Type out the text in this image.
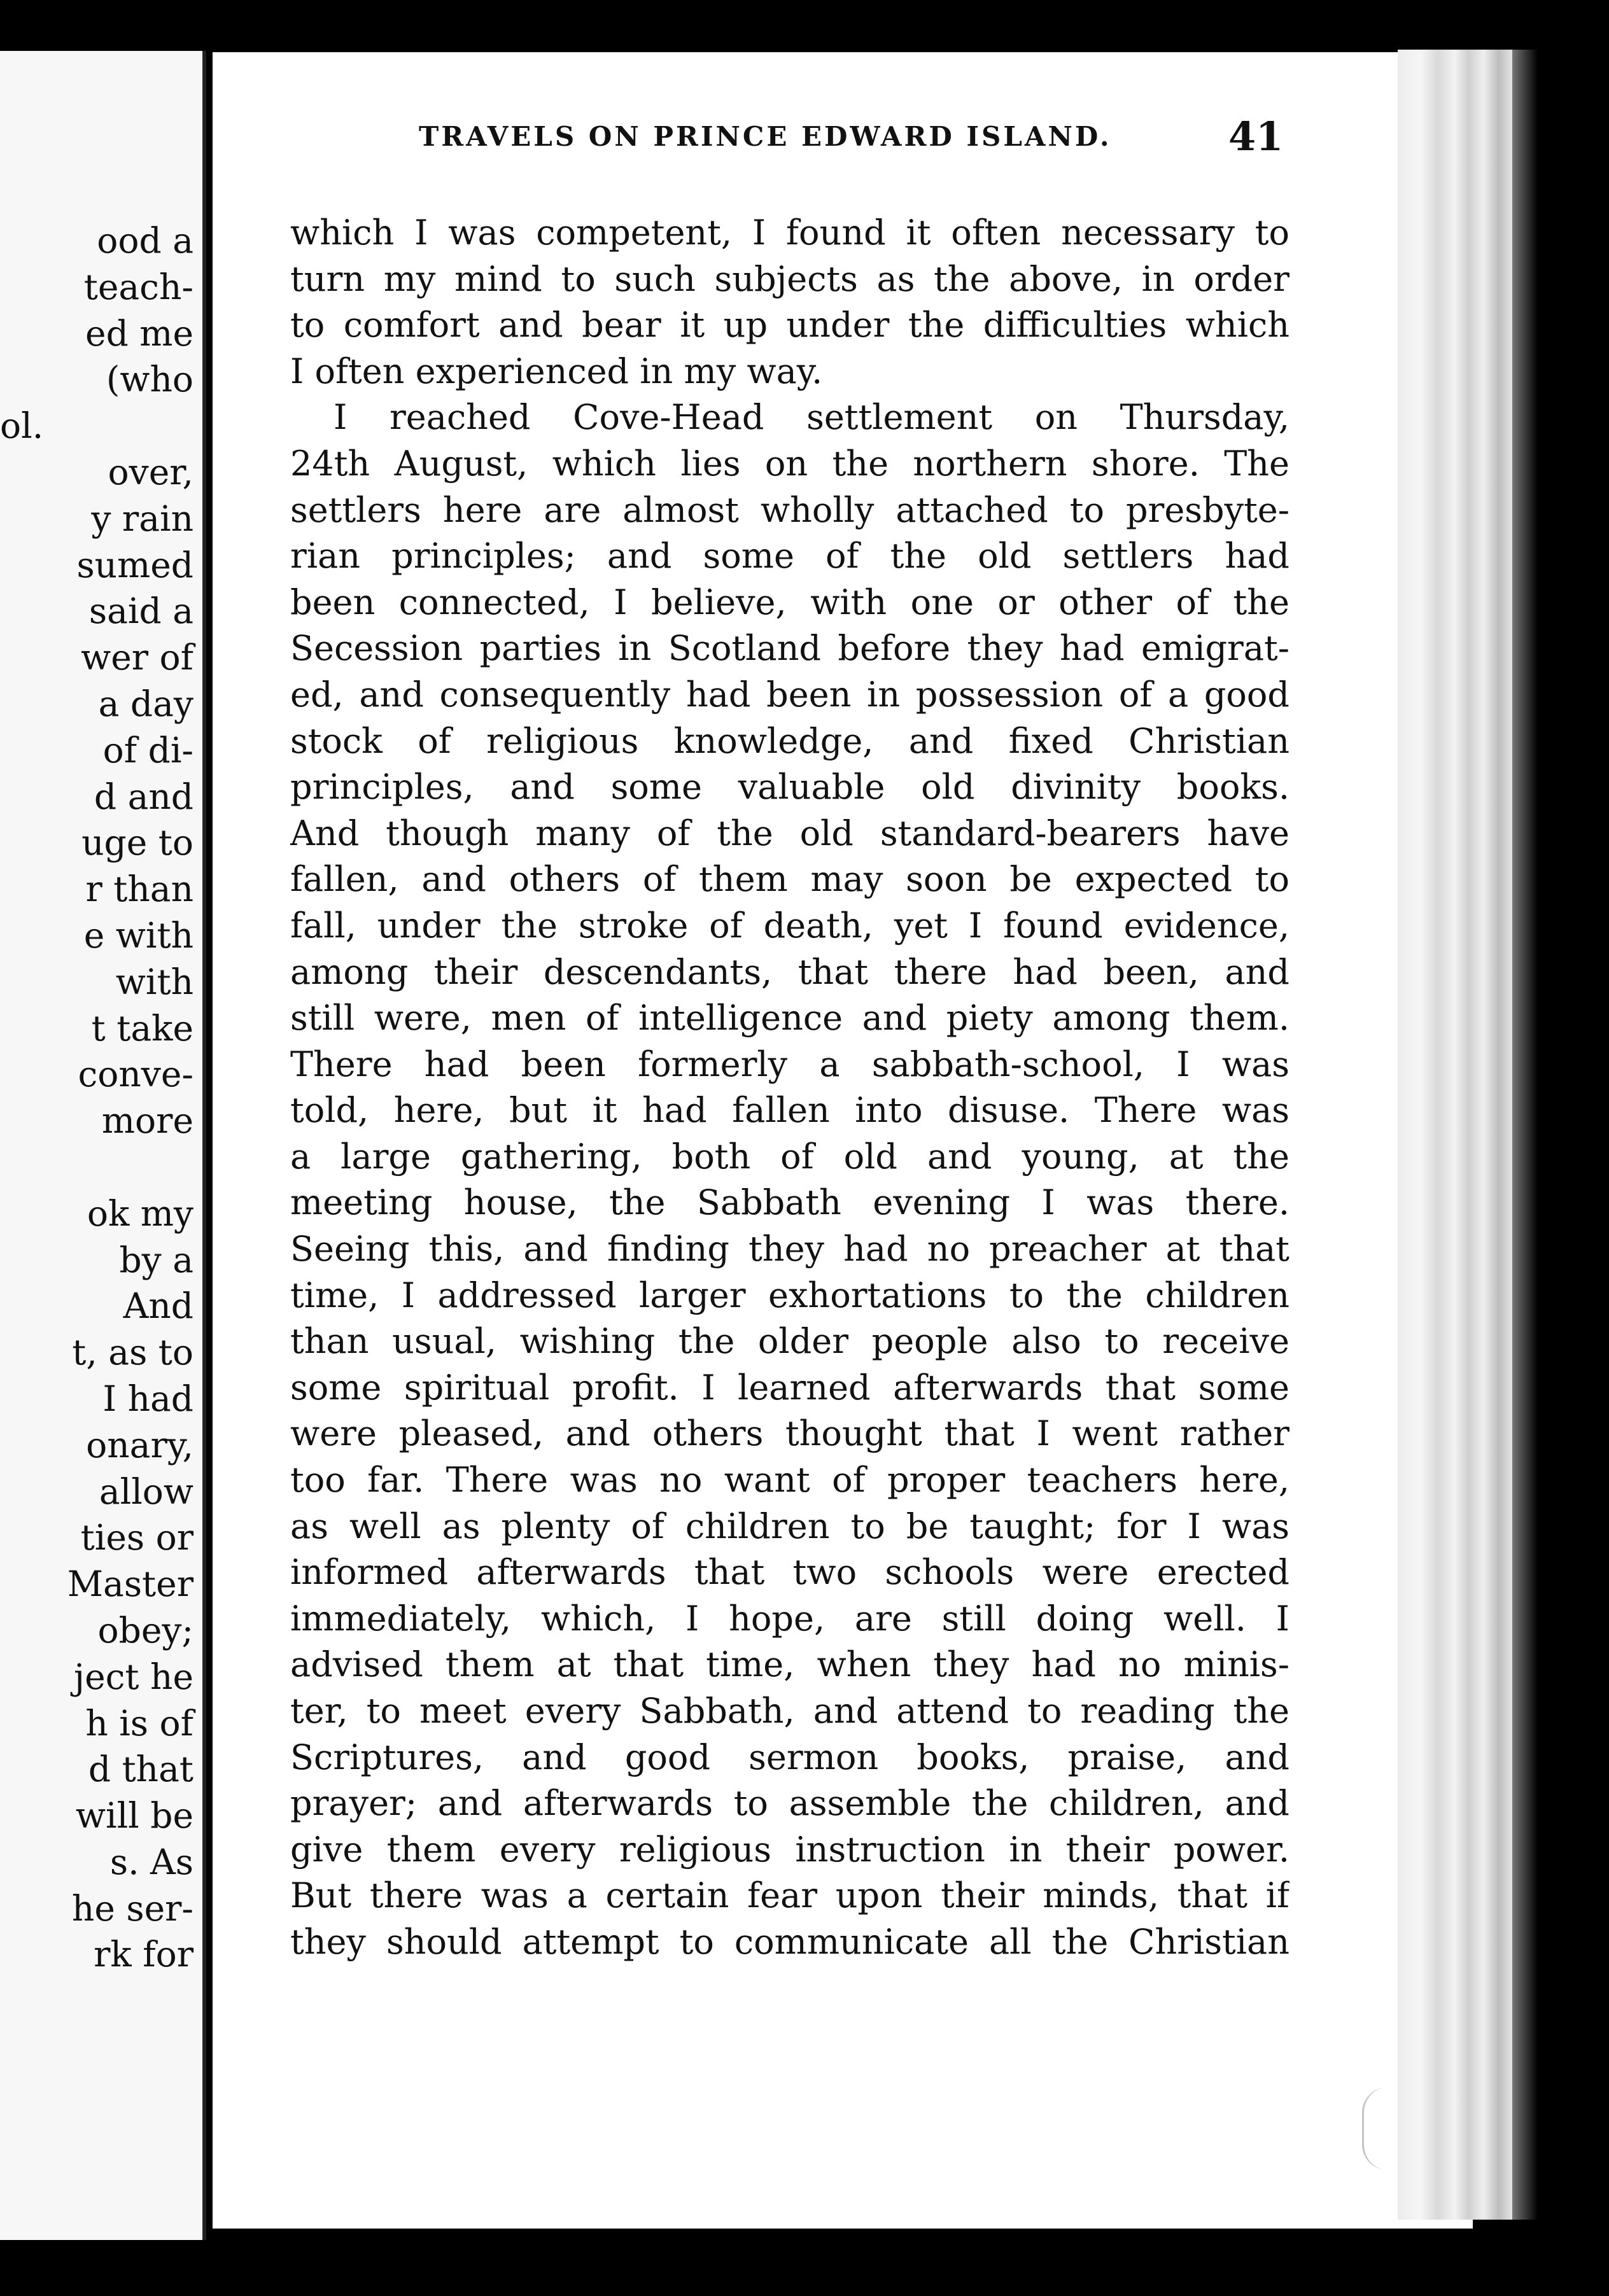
ood a
teach-
ed me
(who
ol.
over,
y rain
sumed
said a
wer of
a day
of di-
d and
uge to
r than
e with
with
t take
conve-
more
ok my
by a
And
t, as to
I had
onary,
allow
ties or
Master
obey;
ject he
h is of
d that
will be
s. As
he ser-
rk for
TRAVELS ON PRINCE EDWARD ISLAND.	41
which I was competent, I found it often necessary to
turn my mind to such subjects as the above, in order
to comfort and bear it up under the difficulties which
I often experienced in my way.
I reached Cove-Head settlement on Thursday,
24th August, which lies on the northern shore. The
settlers here are almost wholly attached to presbyte-
rian principles; and some of the old settlers had
been connected, I believe, with one or other of the
Secession parties in Scotland before they had emigrat-
ed, and consequently had been in possession of a good
stock of religious knowledge, and fixed Christian
principles, and some valuable old divinity books.
And though many of the old standard-bearers have
fallen, and others of them may soon be expected to
fall, under the stroke of death, yet I found evidence,
among their descendants, that there had been, and
still were, men of intelligence and piety among them.
There had been formerly a sabbath-school, I was
told, here, but it had fallen into disuse. There was
a large gathering, both of old and young, at the
meeting house, the Sabbath evening I was there.
Seeing this, and finding they had no preacher at that
time, I addressed larger exhortations to the children
than usual, wishing the older people also to receive
some spiritual profit. I learned afterwards that some
were pleased, and others thought that I went rather
too far. There was no want of proper teachers here,
as well as plenty of children to be taught; for I was
informed afterwards that two schools were erected
immediately, which, I hope, are still doing well. I
advised them at that time, when they had no minis-
ter, to meet every Sabbath, and attend to reading the
Scriptures, and good sermon books, praise, and
prayer; and afterwards to assemble the children, and
give them every religious instruction in their power.
But there was a certain fear upon their minds, that if
they should attempt to communicate all the Christian
